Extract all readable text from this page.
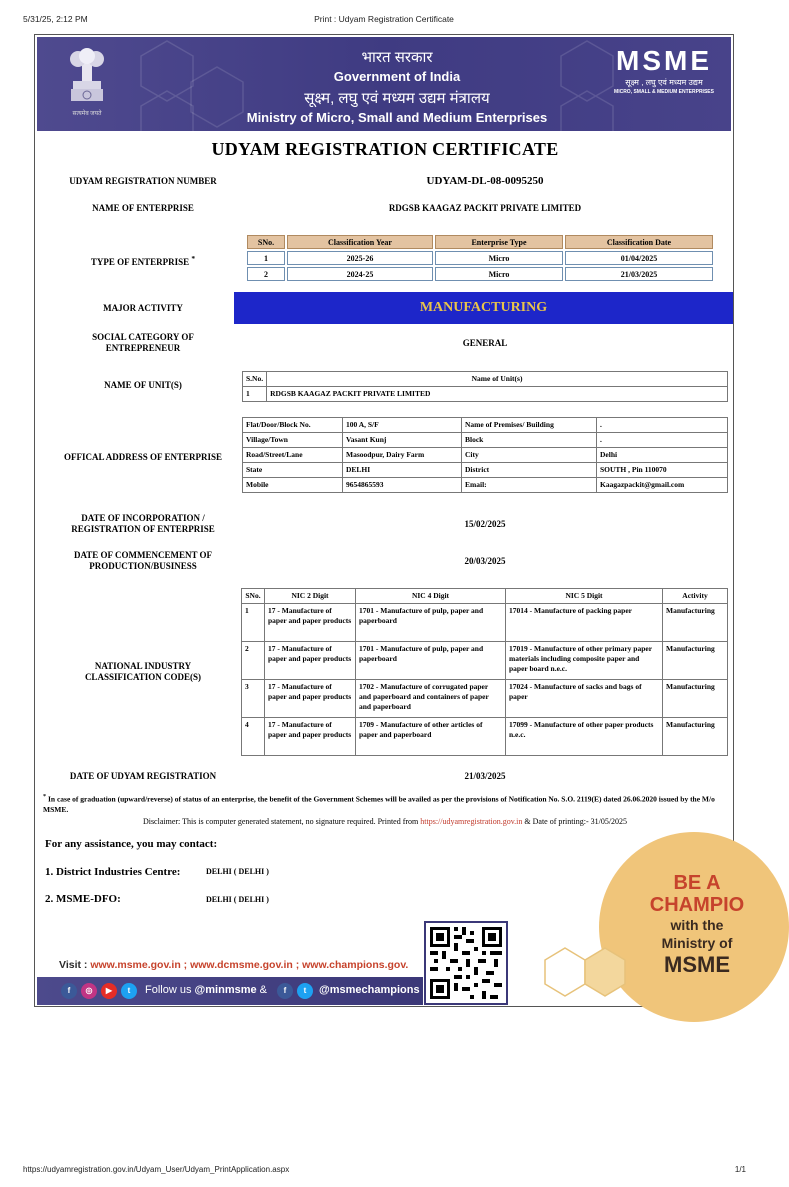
5/31/25, 2:12 PM	Print : Udyam Registration Certificate
सत्यमेव जयते
भारत सरकार
Government of India
सूक्ष्म, लघु एवं मध्यम उद्यम मंत्रालय
Ministry of Micro, Small and Medium Enterprises
MSME
सूक्ष्म , लघु एवं मध्यम उद्यम
MICRO, SMALL & MEDIUM ENTERPRISES
UDYAM REGISTRATION CERTIFICATE
UDYAM REGISTRATION NUMBER	UDYAM-DL-08-0095250
NAME OF ENTERPRISE	RDGSB KAAGAZ PACKIT PRIVATE LIMITED
TYPE OF ENTERPRISE *
SNo.	Classification Year	Enterprise Type	Classification Date
1	2025-26	Micro	01/04/2025
2	2024-25	Micro	21/03/2025
MAJOR ACTIVITY	MANUFACTURING
SOCIAL CATEGORY OF
ENTREPRENEUR	GENERAL
NAME OF UNIT(S)
S.No.	Name of Unit(s)
1	RDGSB KAAGAZ PACKIT PRIVATE LIMITED
OFFICAL ADDRESS OF ENTERPRISE
Flat/Door/Block No.	100 A, S/F	Name of Premises/ Building	.
Village/Town	Vasant Kunj	Block	.
Road/Street/Lane	Masoodpur, Dairy Farm	City	Delhi
State	DELHI	District	SOUTH , Pin 110070
Mobile	9654865593	Email:	Kaagazpackit@gmail.com
DATE OF INCORPORATION /
REGISTRATION OF ENTERPRISE	15/02/2025
DATE OF COMMENCEMENT OF
PRODUCTION/BUSINESS	20/03/2025
NATIONAL INDUSTRY
CLASSIFICATION CODE(S)
SNo.	NIC 2 Digit	NIC 4 Digit	NIC 5 Digit	Activity
1	17 - Manufacture of paper and paper products	1701 - Manufacture of pulp, paper and paperboard	17014 - Manufacture of packing paper	Manufacturing
2	17 - Manufacture of paper and paper products	1701 - Manufacture of pulp, paper and paperboard	17019 - Manufacture of other primary paper materials including composite paper and paper board n.e.c.	Manufacturing
3	17 - Manufacture of paper and paper products	1702 - Manufacture of corrugated paper and paperboard and containers of paper and paperboard	17024 - Manufacture of sacks and bags of paper	Manufacturing
4	17 - Manufacture of paper and paper products	1709 - Manufacture of other articles of paper and paperboard	17099 - Manufacture of other paper products n.e.c.	Manufacturing
DATE OF UDYAM REGISTRATION	21/03/2025
* In case of graduation (upward/reverse) of status of an enterprise, the benefit of the Government Schemes will be availed as per the provisions of Notification No. S.O. 2119(E) dated 26.06.2020 issued by the M/o MSME.
Disclaimer: This is computer generated statement, no signature required. Printed from https://udyamregistration.gov.in & Date of printing:- 31/05/2025
For any assistance, you may contact:
1. District Industries Centre:	DELHI ( DELHI )
2. MSME-DFO:	DELHI ( DELHI )
BE A
CHAMPIO
with the
Ministry of
MSME
Visit : www.msme.gov.in ; www.dcmsme.gov.in ; www.champions.gov.
f	◎	▶	t	Follow us @minmsme &	f	t	@msmechampions
https://udyamregistration.gov.in/Udyam_User/Udyam_PrintApplication.aspx	1/1
